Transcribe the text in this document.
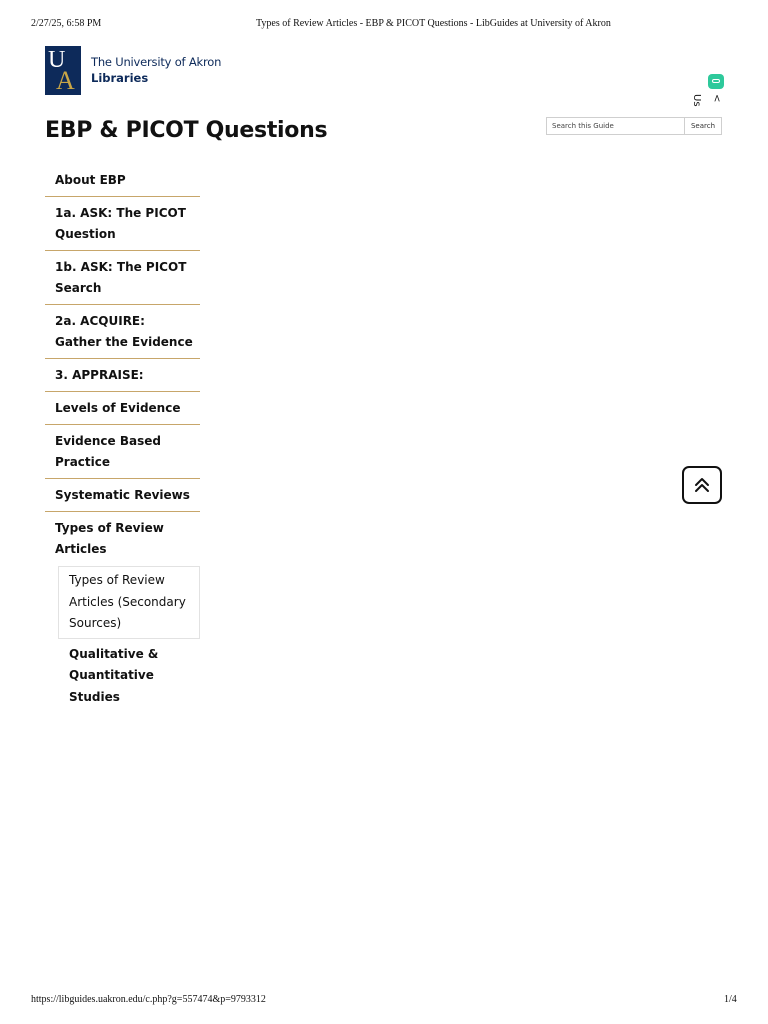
2/27/25, 6:58 PM	Types of Review Articles - EBP & PICOT Questions - LibGuides at University of Akron
U
A
The University of Akron
Libraries
EBP & PICOT Questions
Search this Guide	Search
< Us
About EBP
1a. ASK: The PICOT Question
1b. ASK: The PICOT Search
2a. ACQUIRE: Gather the Evidence
3. APPRAISE:
Levels of Evidence
Evidence Based Practice
Systematic Reviews
Types of Review Articles
Types of Review Articles (Secondary Sources)
Qualitative & Quantitative Studies
https://libguides.uakron.edu/c.php?g=557474&p=9793312	1/4
